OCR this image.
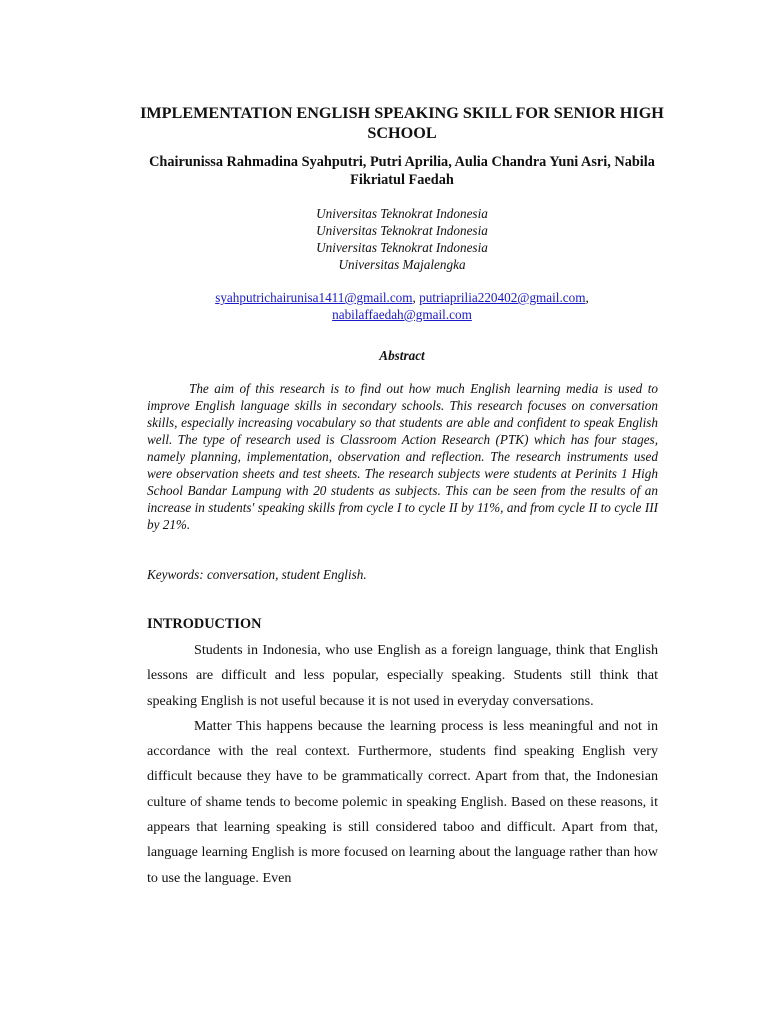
IMPLEMENTATION ENGLISH SPEAKING SKILL FOR SENIOR HIGH SCHOOL
Chairunissa Rahmadina Syahputri, Putri Aprilia, Aulia Chandra Yuni Asri, Nabila Fikriatul Faedah
Universitas Teknokrat Indonesia
Universitas Teknokrat Indonesia
Universitas Teknokrat Indonesia
Universitas Majalengka
syahputrichairunisa1411@gmail.com, putriaprilia220402@gmail.com,
nabilaffaedah@gmail.com
Abstract
The aim of this research is to find out how much English learning media is used to improve English language skills in secondary schools. This research focuses on conversation skills, especially increasing vocabulary so that students are able and confident to speak English well. The type of research used is Classroom Action Research (PTK) which has four stages, namely planning, implementation, observation and reflection. The research instruments used were observation sheets and test sheets. The research subjects were students at Perinits 1 High School Bandar Lampung with 20 students as subjects. This can be seen from the results of an increase in students' speaking skills from cycle I to cycle II by 11%, and from cycle II to cycle III by 21%.
Keywords: conversation, student English.
INTRODUCTION

Students in Indonesia, who use English as a foreign language, think that English lessons are difficult and less popular, especially speaking. Students still think that speaking English is not useful because it is not used in everyday conversations.

Matter This happens because the learning process is less meaningful and not in accordance with the real context. Furthermore, students find speaking English very difficult because they have to be grammatically correct. Apart from that, the Indonesian culture of shame tends to become polemic in speaking English. Based on these reasons, it appears that learning speaking is still considered taboo and difficult. Apart from that, language learning English is more focused on learning about the language rather than how to use the language. Even
